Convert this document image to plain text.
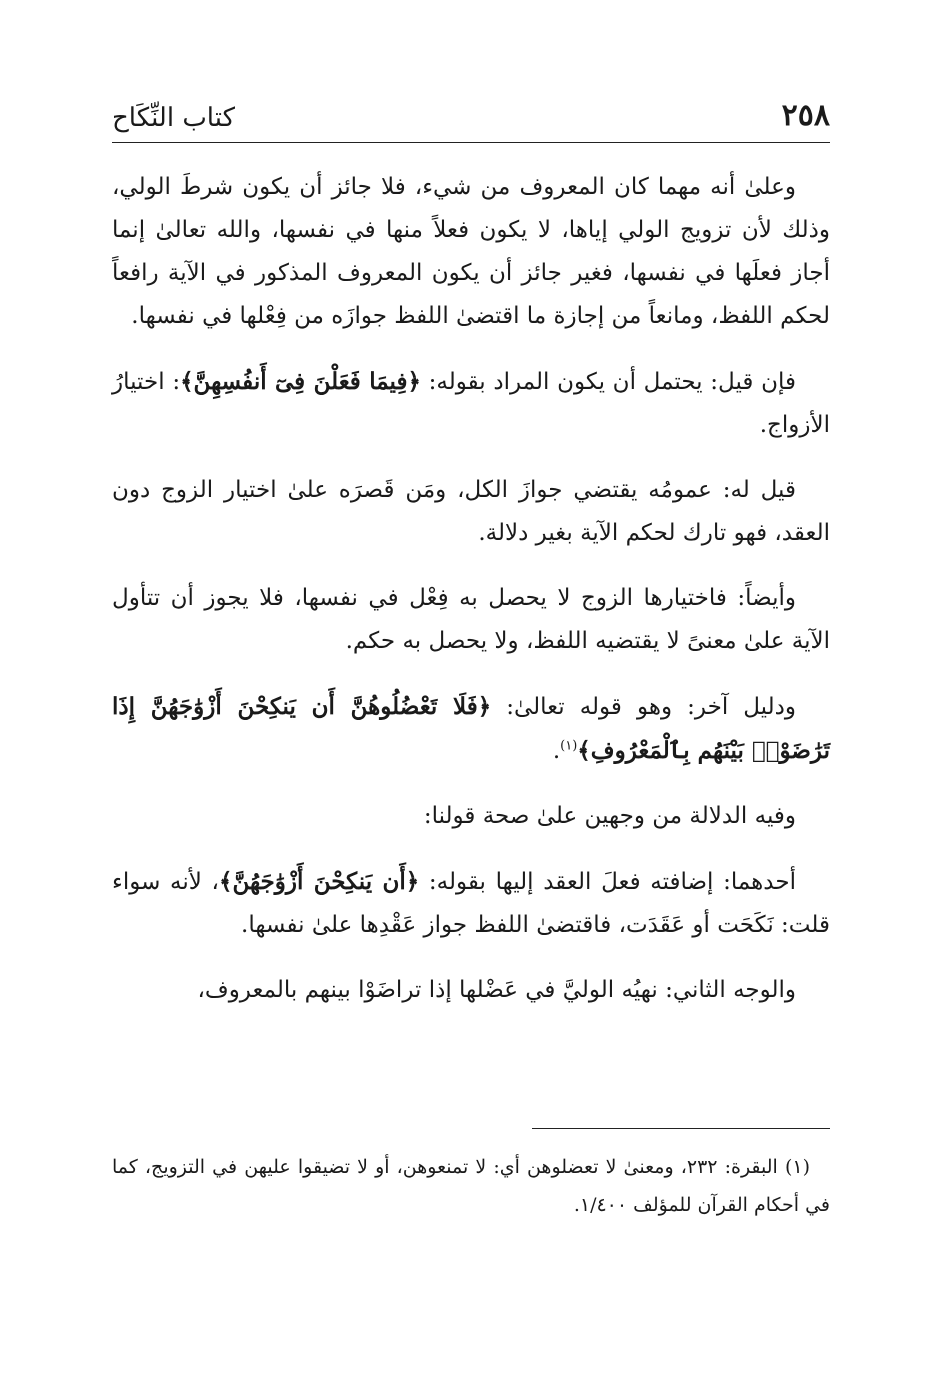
٢٥٨
كتاب النِّكَاح

وعلىٰ أنه مهما كان المعروف من شيء، فلا جائز أن يكون شرطَ الولي، وذلك لأن تزويج الولي إياها، لا يكون فعلاً منها في نفسها، والله تعالىٰ إنما أجاز فعلَها في نفسها، فغير جائز أن يكون المعروف المذكور في الآية رافعاً لحكم اللفظ، ومانعاً من إجازة ما اقتضىٰ اللفظ جوازَه من فِعْلها في نفسها.

فإن قيل: يحتمل أن يكون المراد بقوله: ﴿فِيمَا فَعَلْنَ فِىٓ أَنفُسِهِنَّ﴾: اختيارُ الأزواج.

قيل له: عمومُه يقتضي جوازَ الكل، ومَن قَصرَه علىٰ اختيار الزوج دون العقد، فهو تارك لحكم الآية بغير دلالة.

وأيضاً: فاختيارها الزوج لا يحصل به فِعْل في نفسها، فلا يجوز أن تتأول الآية علىٰ معنىً لا يقتضيه اللفظ، ولا يحصل به حكم.

ودليل آخر: وهو قوله تعالىٰ: ﴿فَلَا تَعْضُلُوهُنَّ أَن يَنكِحْنَ أَزْوَٰجَهُنَّ إِذَا تَرَٰضَوْا۟ بَيْنَهُم بِٱلْمَعْرُوفِ﴾$^{(١)}$.

وفيه الدلالة من وجهين علىٰ صحة قولنا:

أحدهما: إضافته فعلَ العقد إليها بقوله: ﴿أَن يَنكِحْنَ أَزْوَٰجَهُنَّ﴾، لأنه سواء قلت: نَكَحَت أو عَقَدَت، فاقتضىٰ اللفظ جواز عَقْدِها علىٰ نفسها.

والوجه الثاني: نهيُه الوليَّ في عَضْلها إذا تراضَوْا بينهم بالمعروف،

(١) البقرة: ٢٣٢، ومعنىٰ لا تعضلوهن أي: لا تمنعوهن، أو لا تضيقوا عليهن في التزويج، كما في أحكام القرآن للمؤلف ١/٤٠٠.
